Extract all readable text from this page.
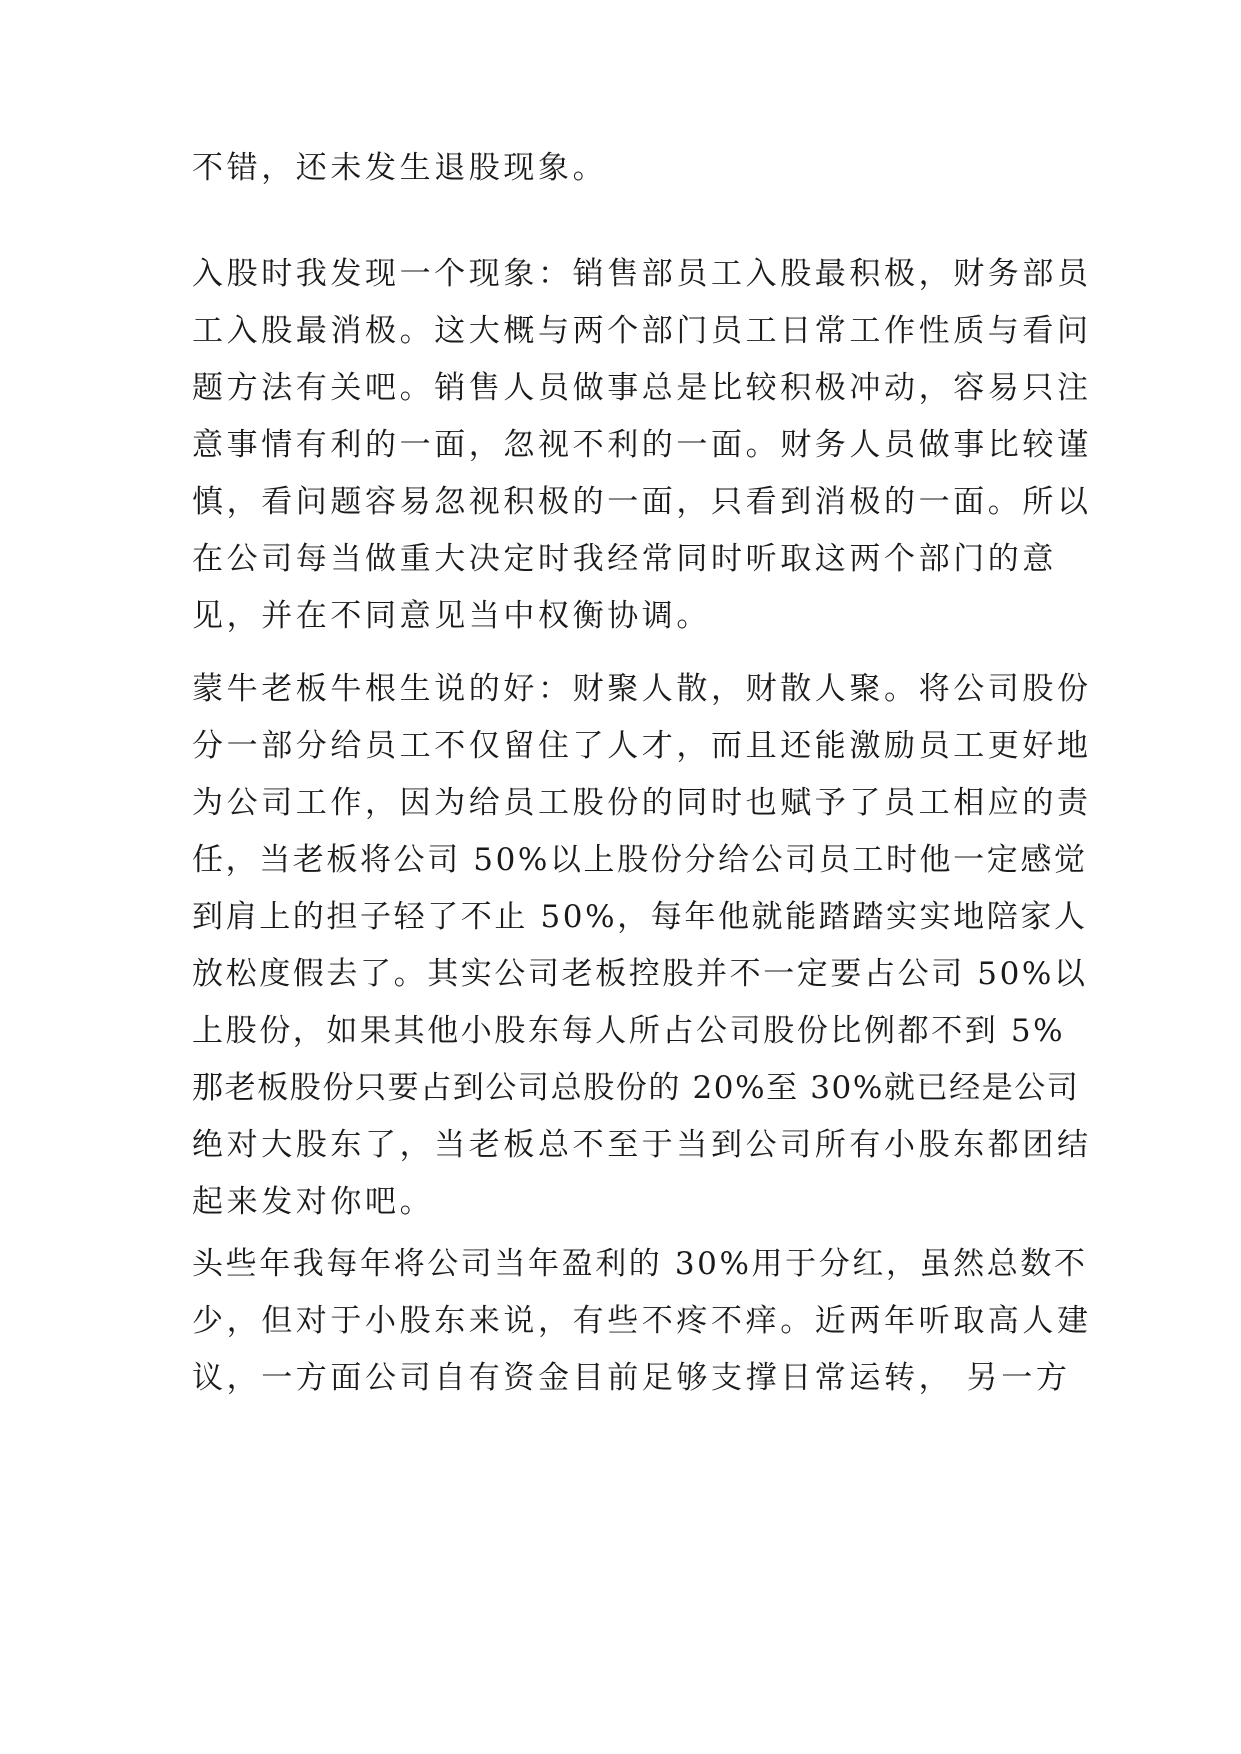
不错，还未发生退股现象。
入股时我发现一个现象：销售部员工入股最积极，财务部员
工入股最消极。这大概与两个部门员工日常工作性质与看问
题方法有关吧。销售人员做事总是比较积极冲动，容易只注
意事情有利的一面，忽视不利的一面。财务人员做事比较谨
慎，看问题容易忽视积极的一面，只看到消极的一面。所以
在公司每当做重大决定时我经常同时听取这两个部门的意
见，并在不同意见当中权衡协调。
蒙牛老板牛根生说的好：财聚人散，财散人聚。将公司股份
分一部分给员工不仅留住了人才，而且还能激励员工更好地
为公司工作，因为给员工股份的同时也赋予了员工相应的责
任，当老板将公司 50%以上股份分给公司员工时他一定感觉
到肩上的担子轻了不止 50%，每年他就能踏踏实实地陪家人
放松度假去了。其实公司老板控股并不一定要占公司 50%以
上股份，如果其他小股东每人所占公司股份比例都不到 5%
那老板股份只要占到公司总股份的 20%至 30%就已经是公司
绝对大股东了，当老板总不至于当到公司所有小股东都团结
起来发对你吧。
头些年我每年将公司当年盈利的 30%用于分红，虽然总数不
少，但对于小股东来说，有些不疼不痒。近两年听取高人建
议，一方面公司自有资金目前足够支撑日常运转， 另一方
